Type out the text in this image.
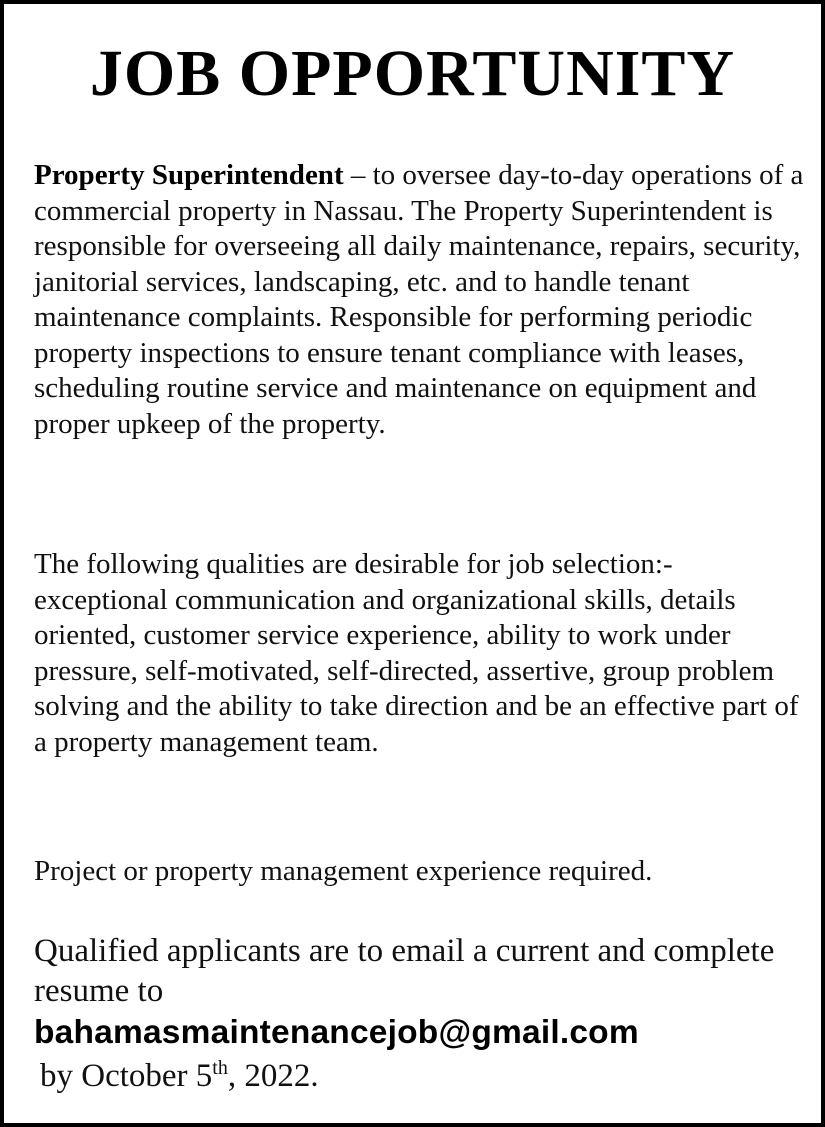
JOB OPPORTUNITY

Property Superintendent – to oversee day-to-day operations of a commercial property in Nassau. The Property Superintendent is responsible for overseeing all daily maintenance, repairs, security, janitorial services, landscaping, etc. and to handle tenant maintenance complaints. Responsible for performing periodic property inspections to ensure tenant compliance with leases, scheduling routine service and maintenance on equipment and proper upkeep of the property.

The following qualities are desirable for job selection:- exceptional communication and organizational skills, details oriented, customer service experience, ability to work under pressure, self-motivated, self-directed, assertive, group problem solving and the ability to take direction and be an effective part of a property management team.

Project or property management experience required.

Qualified applicants are to email a current and complete resume to
bahamasmaintenancejob@gmail.com
by October 5th, 2022.
